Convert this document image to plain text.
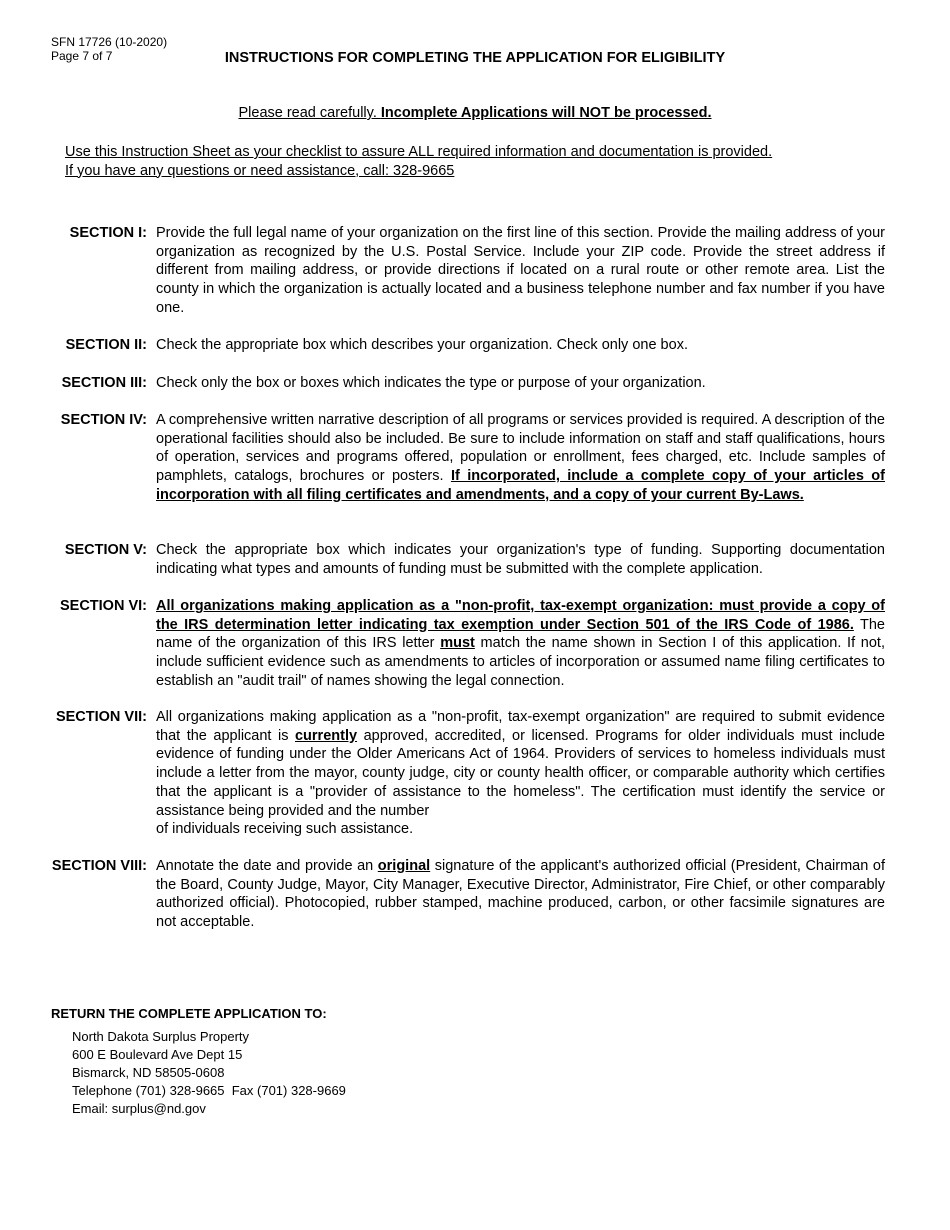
SFN 17726 (10-2020)
Page 7 of 7	INSTRUCTIONS FOR COMPLETING THE APPLICATION FOR ELIGIBILITY
Please read carefully. Incomplete Applications will NOT be processed.
Use this Instruction Sheet as your checklist to assure ALL required information and documentation is provided.
If you have any questions or need assistance, call: 328-9665
SECTION I: Provide the full legal name of your organization on the first line of this section. Provide the mailing address of your organization as recognized by the U.S. Postal Service. Include your ZIP code. Provide the street address if different from mailing address, or provide directions if located on a rural route or other remote area. List the county in which the organization is actually located and a business telephone number and fax number if you have one.
SECTION II: Check the appropriate box which describes your organization. Check only one box.
SECTION III: Check only the box or boxes which indicates the type or purpose of your organization.
SECTION IV: A comprehensive written narrative description of all programs or services provided is required. A description of the operational facilities should also be included. Be sure to include information on staff and staff qualifications, hours of operation, services and programs offered, population or enrollment, fees charged, etc. Include samples of pamphlets, catalogs, brochures or posters. If incorporated, include a complete copy of your articles of incorporation with all filing certificates and amendments, and a copy of your current By-Laws.
SECTION V: Check the appropriate box which indicates your organization's type of funding. Supporting documentation indicating what types and amounts of funding must be submitted with the complete application.
SECTION VI: All organizations making application as a "non-profit, tax-exempt organization: must provide a copy of the IRS determination letter indicating tax exemption under Section 501 of the IRS Code of 1986. The name of the organization of this IRS letter must match the name shown in Section I of this application. If not, include sufficient evidence such as amendments to articles of incorporation or assumed name filing certificates to establish an "audit trail" of names showing the legal connection.
SECTION VII: All organizations making application as a "non-profit, tax-exempt organization" are required to submit evidence that the applicant is currently approved, accredited, or licensed. Programs for older individuals must include evidence of funding under the Older Americans Act of 1964. Providers of services to homeless individuals must include a letter from the mayor, county judge, city or county health officer, or comparable authority which certifies that the applicant is a "provider of assistance to the homeless". The certification must identify the service or assistance being provided and the number
of individuals receiving such assistance.
SECTION VIII: Annotate the date and provide an original signature of the applicant's authorized official (President, Chairman of the Board, County Judge, Mayor, City Manager, Executive Director, Administrator, Fire Chief, or other comparably authorized official). Photocopied, rubber stamped, machine produced, carbon, or other facsimile signatures are not acceptable.
RETURN THE COMPLETE APPLICATION TO:
North Dakota Surplus Property
600 E Boulevard Ave Dept 15
Bismarck, ND 58505-0608
Telephone (701) 328-9665  Fax (701) 328-9669
Email: surplus@nd.gov
